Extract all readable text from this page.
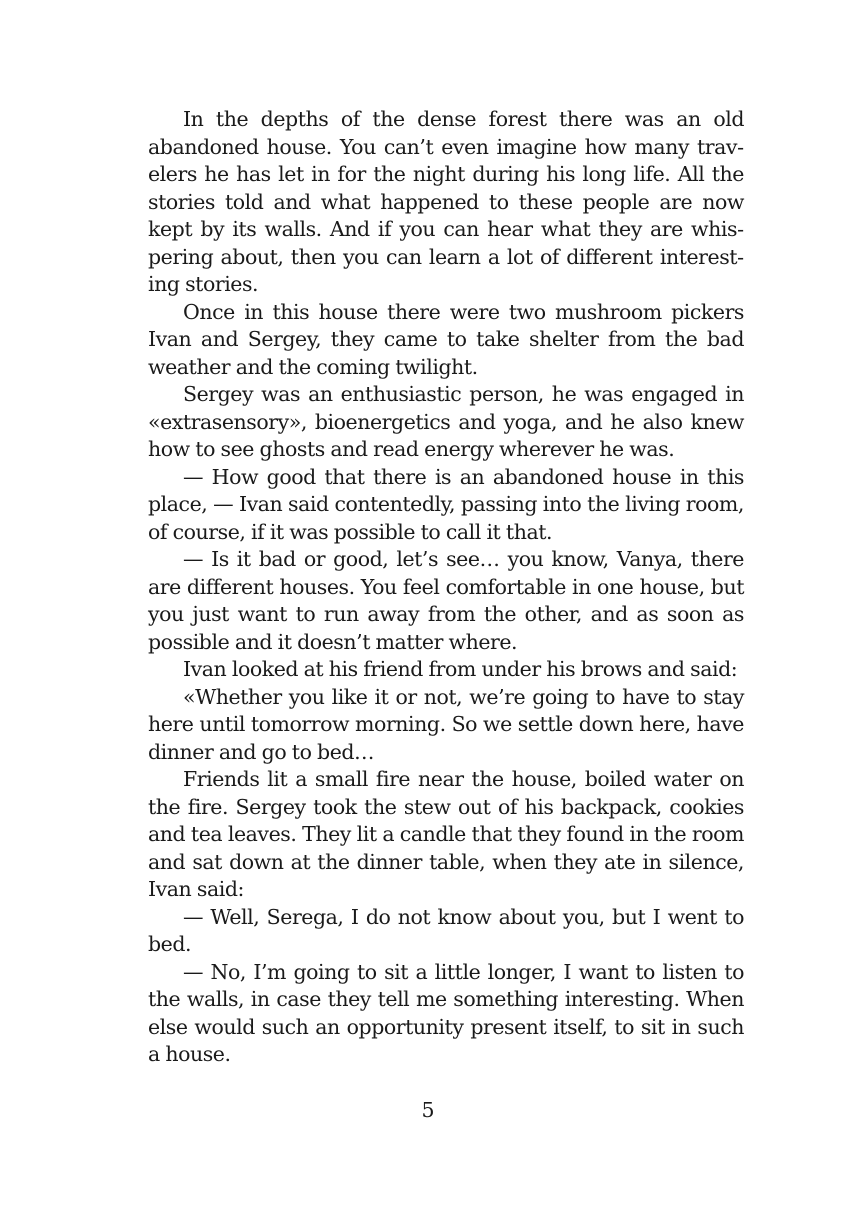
In the depths of the dense forest there was an old abandoned house. You can’t even imagine how many travelers he has let in for the night during his long life. All the stories told and what happened to these people are now kept by its walls. And if you can hear what they are whispering about, then you can learn a lot of different interesting stories.

Once in this house there were two mushroom pickers Ivan and Sergey, they came to take shelter from the bad weather and the coming twilight.

Sergey was an enthusiastic person, he was engaged in «extrasensory», bioenergetics and yoga, and he also knew how to see ghosts and read energy wherever he was.

— How good that there is an abandoned house in this place, — Ivan said contentedly, passing into the living room, of course, if it was possible to call it that.

— Is it bad or good, let’s see… you know, Vanya, there are different houses. You feel comfortable in one house, but you just want to run away from the other, and as soon as possible and it doesn’t matter where.

Ivan looked at his friend from under his brows and said:

«Whether you like it or not, we’re going to have to stay here until tomorrow morning. So we settle down here, have dinner and go to bed…

Friends lit a small fire near the house, boiled water on the fire. Sergey took the stew out of his backpack, cookies and tea leaves. They lit a candle that they found in the room and sat down at the dinner table, when they ate in silence, Ivan said:

— Well, Serega, I do not know about you, but I went to bed.

— No, I’m going to sit a little longer, I want to listen to the walls, in case they tell me something interesting. When else would such an opportunity present itself, to sit in such a house.

5
